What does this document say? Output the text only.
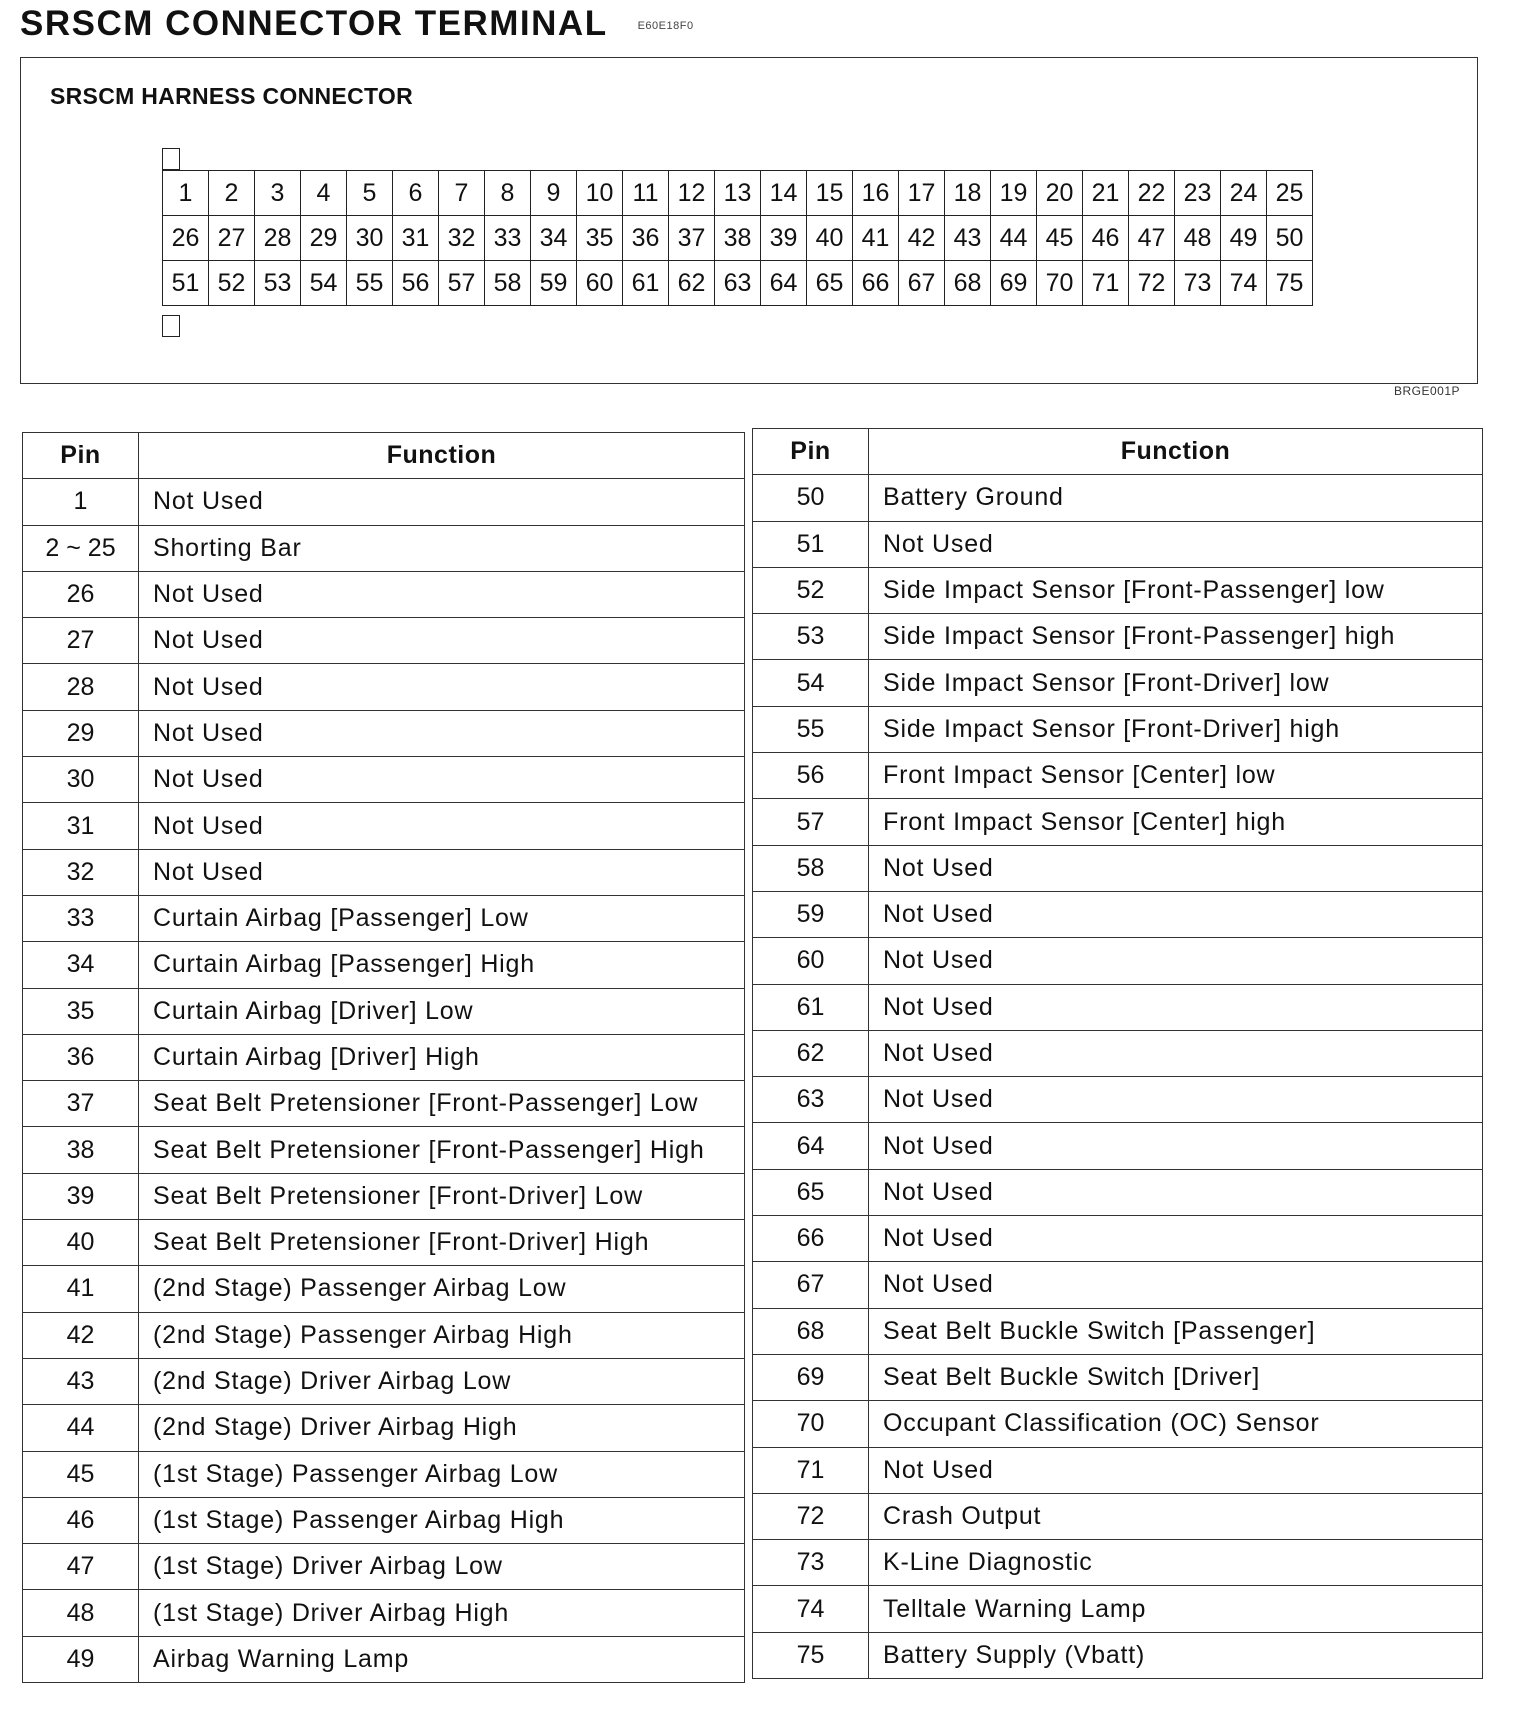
SRSCM CONNECTOR TERMINAL	E60E18F0
SRSCM HARNESS CONNECTOR
1	2	3	4	5	6	7	8	9	10	11	12	13	14	15	16	17	18	19	20	21	22	23	24	25
26	27	28	29	30	31	32	33	34	35	36	37	38	39	40	41	42	43	44	45	46	47	48	49	50
51	52	53	54	55	56	57	58	59	60	61	62	63	64	65	66	67	68	69	70	71	72	73	74	75
BRGE001P
Pin	Function
1	Not Used
2 ~ 25	Shorting Bar
26	Not Used
27	Not Used
28	Not Used
29	Not Used
30	Not Used
31	Not Used
32	Not Used
33	Curtain Airbag [Passenger] Low
34	Curtain Airbag [Passenger] High
35	Curtain Airbag [Driver] Low
36	Curtain Airbag [Driver] High
37	Seat Belt Pretensioner [Front-Passenger] Low
38	Seat Belt Pretensioner [Front-Passenger] High
39	Seat Belt Pretensioner [Front-Driver] Low
40	Seat Belt Pretensioner [Front-Driver] High
41	(2nd Stage) Passenger Airbag Low
42	(2nd Stage) Passenger Airbag High
43	(2nd Stage) Driver Airbag Low
44	(2nd Stage) Driver Airbag High
45	(1st Stage) Passenger Airbag Low
46	(1st Stage) Passenger Airbag High
47	(1st Stage) Driver Airbag Low
48	(1st Stage) Driver Airbag High
49	Airbag Warning Lamp
Pin	Function
50	Battery Ground
51	Not Used
52	Side Impact Sensor [Front-Passenger] low
53	Side Impact Sensor [Front-Passenger] high
54	Side Impact Sensor [Front-Driver] low
55	Side Impact Sensor [Front-Driver] high
56	Front Impact Sensor [Center] low
57	Front Impact Sensor [Center] high
58	Not Used
59	Not Used
60	Not Used
61	Not Used
62	Not Used
63	Not Used
64	Not Used
65	Not Used
66	Not Used
67	Not Used
68	Seat Belt Buckle Switch [Passenger]
69	Seat Belt Buckle Switch [Driver]
70	Occupant Classification (OC) Sensor
71	Not Used
72	Crash Output
73	K-Line Diagnostic
74	Telltale Warning Lamp
75	Battery Supply (Vbatt)
